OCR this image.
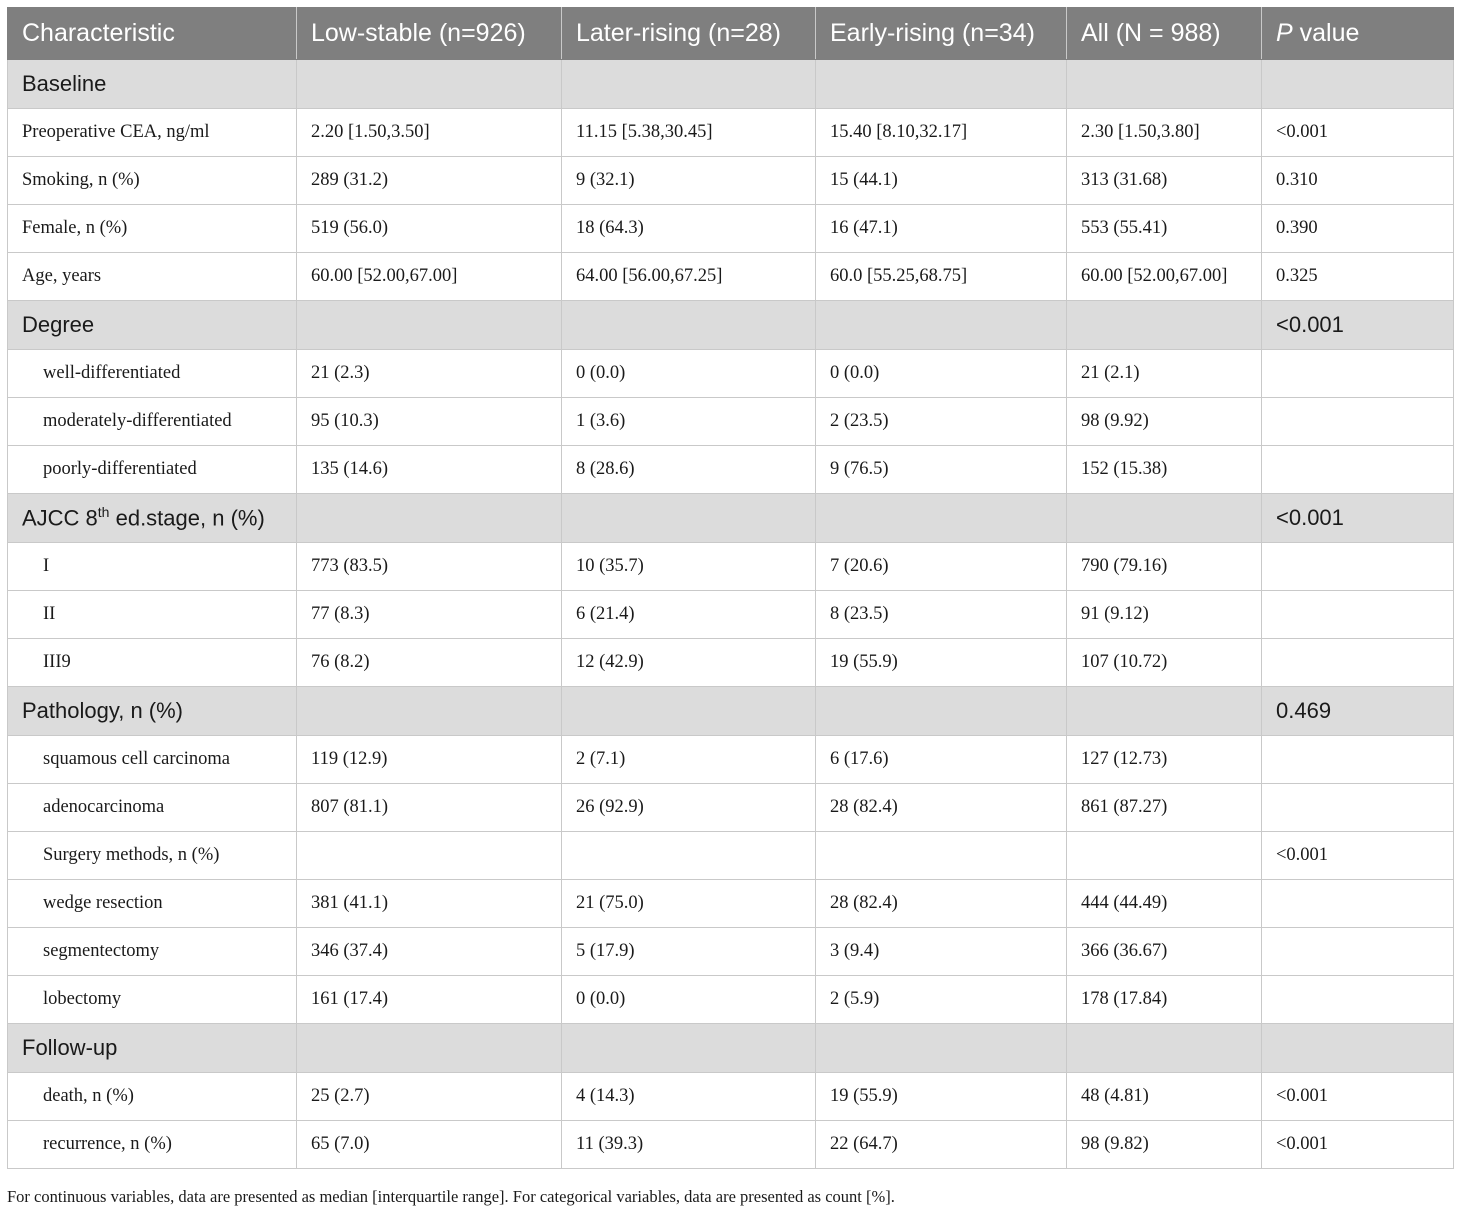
Characteristic	Low-stable (n=926)	Later-rising (n=28)	Early-rising (n=34)	All (N = 988)	P value
Baseline					
Preoperative CEA, ng/ml	2.20 [1.50,3.50]	11.15 [5.38,30.45]	15.40 [8.10,32.17]	2.30 [1.50,3.80]	<0.001
Smoking, n (%)	289 (31.2)	9 (32.1)	15 (44.1)	313 (31.68)	0.310
Female, n (%)	519 (56.0)	18 (64.3)	16 (47.1)	553 (55.41)	0.390
Age, years	60.00 [52.00,67.00]	64.00 [56.00,67.25]	60.0 [55.25,68.75]	60.00 [52.00,67.00]	0.325
Degree					<0.001
well-differentiated	21 (2.3)	0 (0.0)	0 (0.0)	21 (2.1)	
moderately-differentiated	95 (10.3)	1 (3.6)	2 (23.5)	98 (9.92)	
poorly-differentiated	135 (14.6)	8 (28.6)	9 (76.5)	152 (15.38)	
AJCC 8th ed.stage, n (%)					<0.001
I	773 (83.5)	10 (35.7)	7 (20.6)	790 (79.16)	
II	77 (8.3)	6 (21.4)	8 (23.5)	91 (9.12)	
III9	76 (8.2)	12 (42.9)	19 (55.9)	107 (10.72)	
Pathology, n (%)					0.469
squamous cell carcinoma	119 (12.9)	2 (7.1)	6 (17.6)	127 (12.73)	
adenocarcinoma	807 (81.1)	26 (92.9)	28 (82.4)	861 (87.27)	
Surgery methods, n (%)					<0.001
wedge resection	381 (41.1)	21 (75.0)	28 (82.4)	444 (44.49)	
segmentectomy	346 (37.4)	5 (17.9)	3 (9.4)	366 (36.67)	
lobectomy	161 (17.4)	0 (0.0)	2 (5.9)	178 (17.84)	
Follow-up					
death, n (%)	25 (2.7)	4 (14.3)	19 (55.9)	48 (4.81)	<0.001
recurrence, n (%)	65 (7.0)	11 (39.3)	22 (64.7)	98 (9.82)	<0.001
For continuous variables, data are presented as median [interquartile range]. For categorical variables, data are presented as count [%].
